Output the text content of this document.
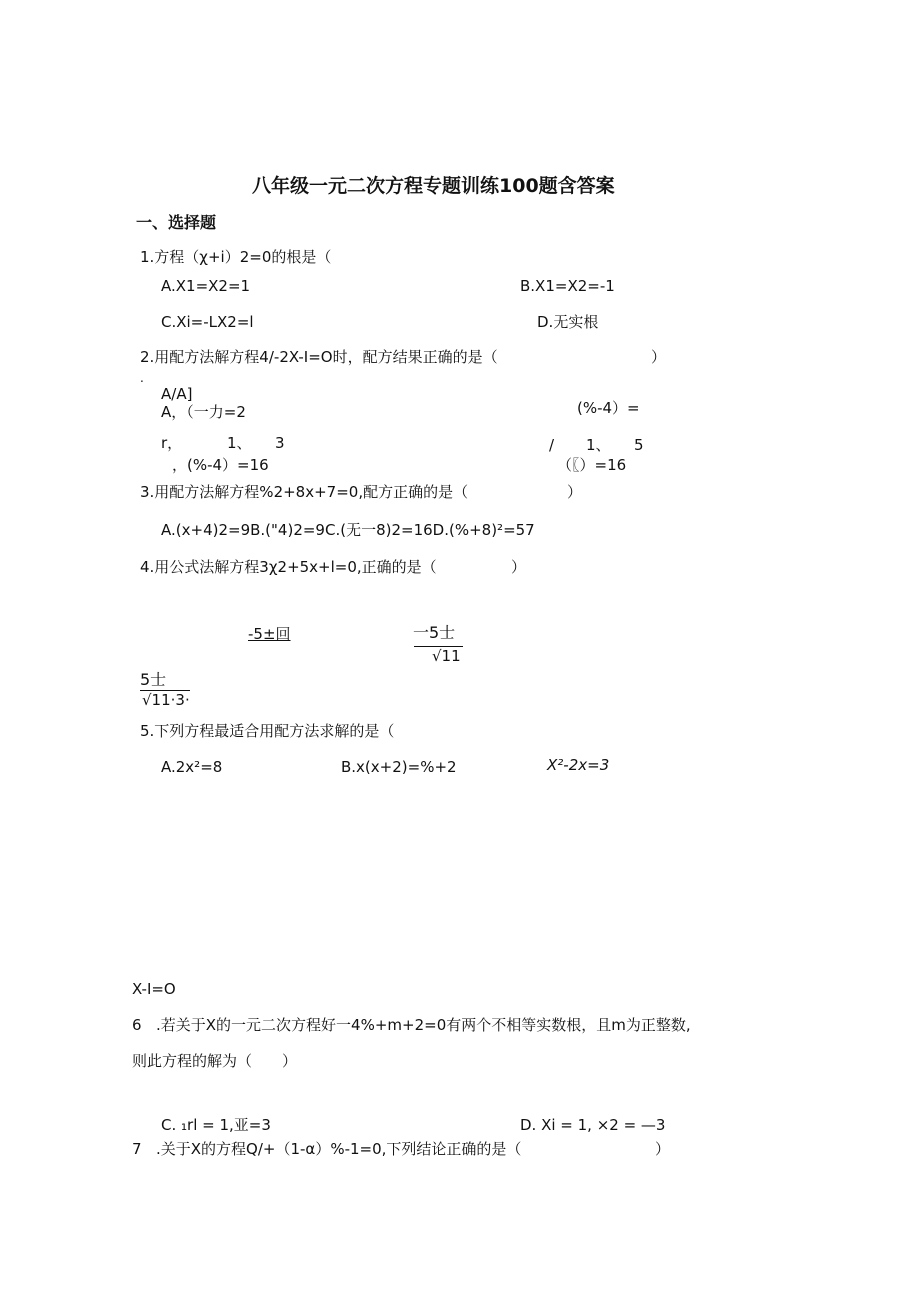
八年级一元二次方程专题训练100题含答案
一、选择题
1.方程（χ+i）2=0的根是（
A.X1=X2=1	B.X1=X2=-1
C.Xi=-LX2=l	D.无实根
2.用配方法解方程4/-2X-I=O时，配方结果正确的是（	）
.
A/A]
A，（一力=2	(%-4）=
r，	1、 3	/ 1、 5
，(%-4）=16	（〖）=16
3.用配方法解方程%2+8x+7=0,配方正确的是（	）
A.(x+4)2=9B.("4)2=9C.(无一8)2=16D.(%+8)²=57
4.用公式法解方程3χ2+5x+l=0,正确的是（	）
-5±回	一5士
√11
5士
√11·3·
5.下列方程最适合用配方法求解的是（
A.2x²=8	B.x(x+2)=%+2	X²-2x=3
X-I=O
6 .若关于X的一元二次方程好一4%+m+2=0有两个不相等实数根，且m为正整数,
则此方程的解为（　　）
C. ₁rl = 1,亚=3	D. Xi = 1, ×2 = —3
7 .关于X的方程Q/+（1-α）%-1=0,下列结论正确的是（	）
